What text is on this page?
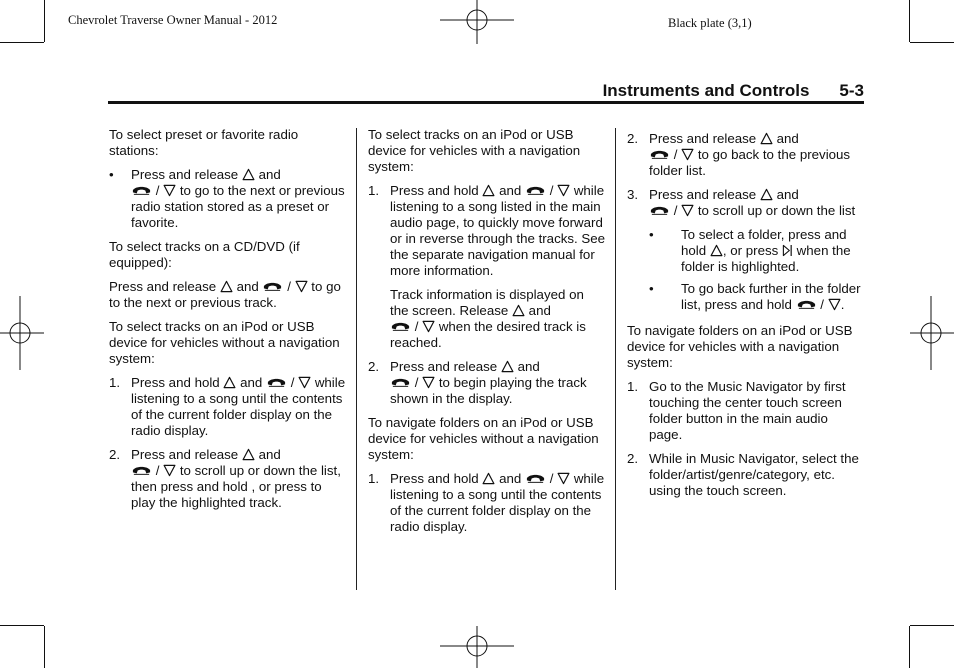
Chevrolet Traverse Owner Manual - 2012	Black plate (3,1)
Instruments and Controls 5-3

To select preset or favorite radio stations:

• Press and release and
/ to go to the next or previous radio station stored as a preset or favorite.

To select tracks on a CD/DVD (if equipped):

Press and release and / to go to the next or previous track.

To select tracks on an iPod or USB device for vehicles without a navigation system:

1. Press and hold and / while listening to a song until the contents of the current folder display on the radio display.
2. Press and release and
/ to scroll up or down the list, then press and hold , or press to play the highlighted track.

To select tracks on an iPod or USB device for vehicles with a navigation system:

1. Press and hold and / while listening to a song listed in the main audio page, to quickly move forward or in reverse through the tracks. See the separate navigation manual for more information.
Track information is displayed on the screen. Release and
/ when the desired track is reached.
2. Press and release and
/ to begin playing the track shown in the display.

To navigate folders on an iPod or USB device for vehicles without a navigation system:

1. Press and hold and / while listening to a song until the contents of the current folder display on the radio display.
2. Press and release and
/ to go back to the previous folder list.
3. Press and release and
/ to scroll up or down the list
• To select a folder, press and hold , or press when the folder is highlighted.
• To go back further in the folder list, press and hold / .

To navigate folders on an iPod or USB device for vehicles with a navigation system:

1. Go to the Music Navigator by first touching the center touch screen folder button in the main audio page.
2. While in Music Navigator, select the folder/artist/genre/category, etc. using the touch screen.
